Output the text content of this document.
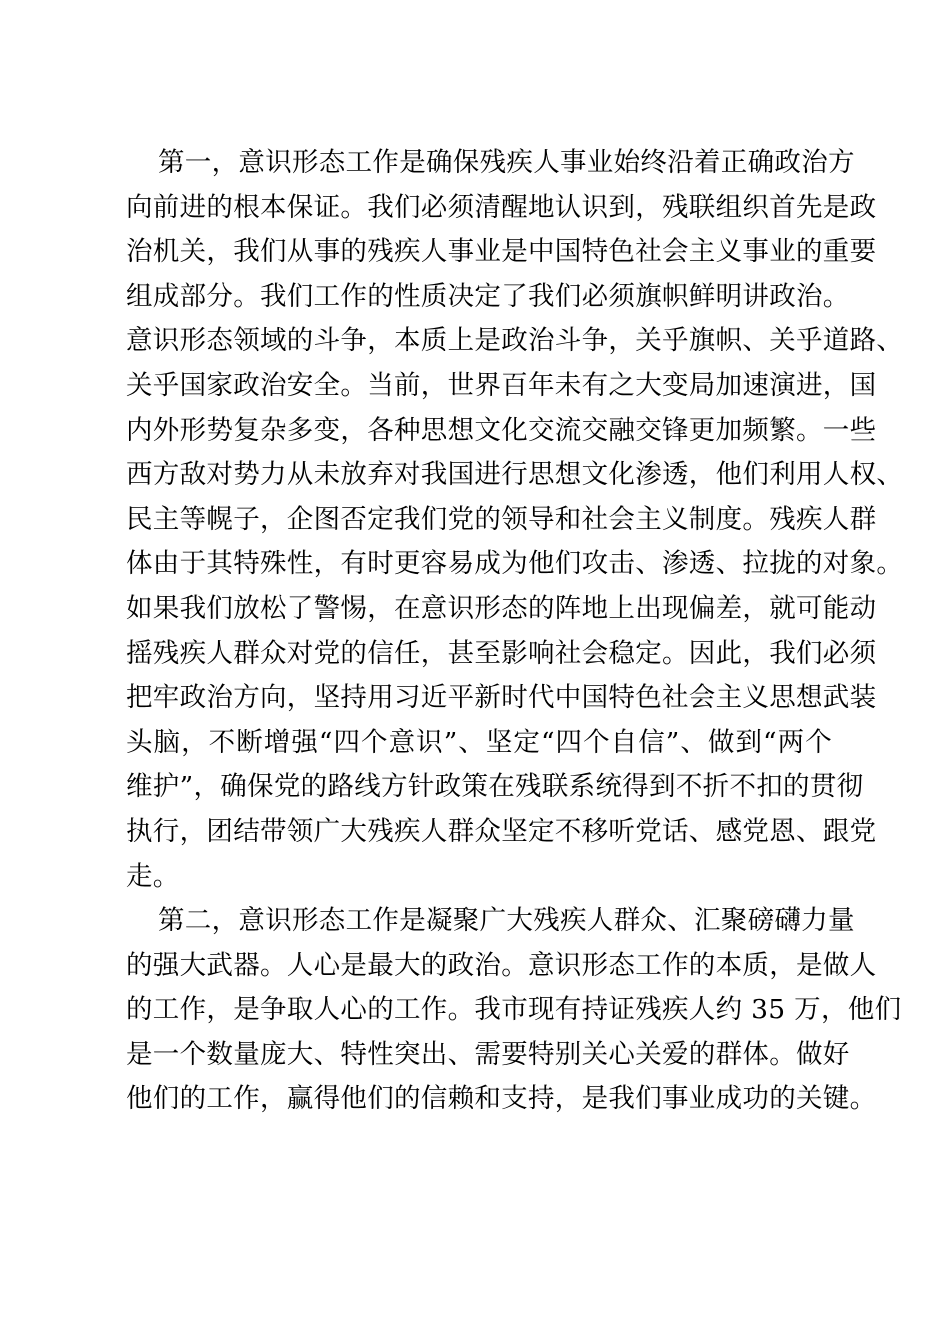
第一，意识形态工作是确保残疾人事业始终沿着正确政治方
向前进的根本保证。我们必须清醒地认识到，残联组织首先是政
治机关，我们从事的残疾人事业是中国特色社会主义事业的重要
组成部分。我们工作的性质决定了我们必须旗帜鲜明讲政治。
意识形态领域的斗争，本质上是政治斗争，关乎旗帜、关乎道路、
关乎国家政治安全。当前，世界百年未有之大变局加速演进，国
内外形势复杂多变，各种思想文化交流交融交锋更加频繁。一些
西方敌对势力从未放弃对我国进行思想文化渗透，他们利用人权、
民主等幌子，企图否定我们党的领导和社会主义制度。残疾人群
体由于其特殊性，有时更容易成为他们攻击、渗透、拉拢的对象。
如果我们放松了警惕，在意识形态的阵地上出现偏差，就可能动
摇残疾人群众对党的信任，甚至影响社会稳定。因此，我们必须
把牢政治方向，坚持用习近平新时代中国特色社会主义思想武装
头脑，不断增强“四个意识”、坚定“四个自信”、做到“两个
维护”，确保党的路线方针政策在残联系统得到不折不扣的贯彻
执行，团结带领广大残疾人群众坚定不移听党话、感党恩、跟党
走。
第二，意识形态工作是凝聚广大残疾人群众、汇聚磅礴力量
的强大武器。人心是最大的政治。意识形态工作的本质，是做人
的工作，是争取人心的工作。我市现有持证残疾人约 35 万，他们
是一个数量庞大、特性突出、需要特别关心关爱的群体。做好
他们的工作，赢得他们的信赖和支持，是我们事业成功的关键。
